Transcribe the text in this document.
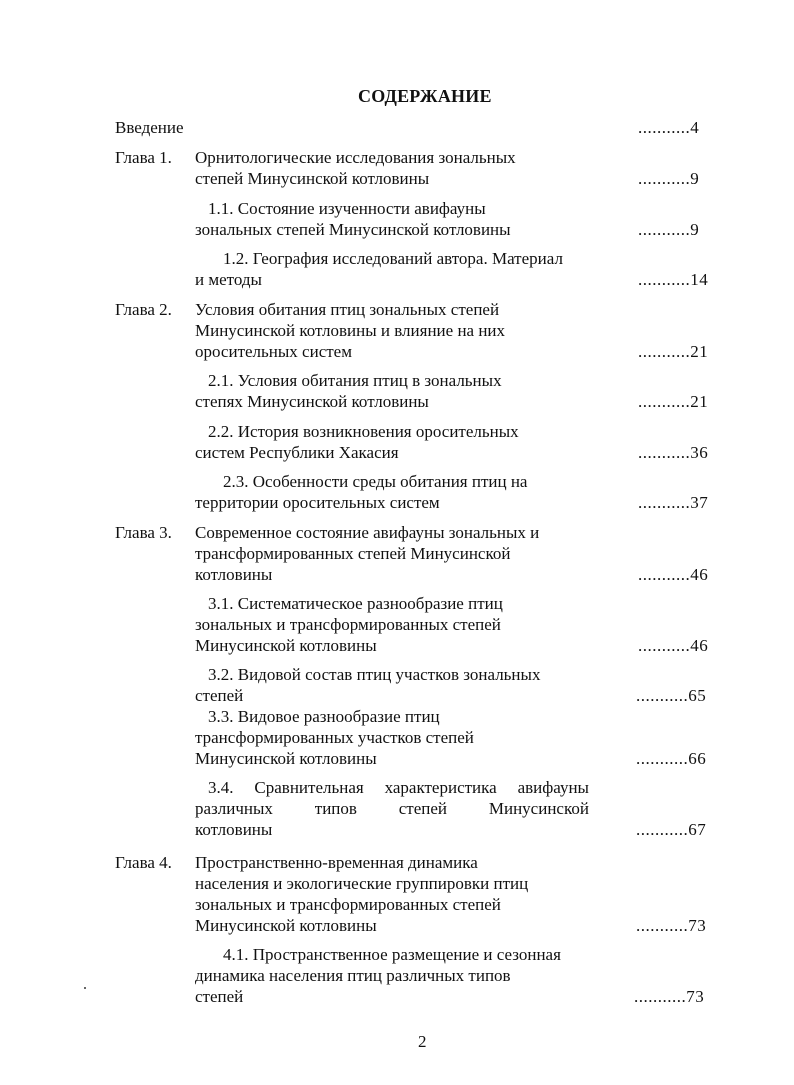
СОДЕРЖАНИЕ
Введение	...........4
Глава 1. Орнитологические исследования зональных
степей Минусинской котловины	...........9
1.1. Состояние изученности авифауны
зональных степей Минусинской котловины	...........9
1.2. География исследований автора. Материал
и методы	...........14
Глава 2. Условия обитания птиц зональных степей
Минусинской котловины и влияние на них
оросительных систем	...........21
2.1. Условия обитания птиц в зональных
степях Минусинской котловины	...........21
2.2. История возникновения оросительных
систем Республики Хакасия	...........36
2.3. Особенности среды обитания птиц на
территории оросительных систем	...........37
Глава 3. Современное состояние авифауны зональных и
трансформированных степей Минусинской
котловины	...........46
3.1. Систематическое разнообразие птиц
зональных и трансформированных степей
Минусинской котловины	...........46
3.2. Видовой состав птиц участков зональных
степей	...........65
3.3. Видовое разнообразие птиц
трансформированных участков степей
Минусинской котловины	...........66
3.4. Сравнительная характеристика авифауны
различных типов степей Минусинской
котловины	...........67
Глава 4. Пространственно-временная динамика
населения и экологические группировки птиц
зональных и трансформированных степей
Минусинской котловины	...........73
4.1. Пространственное размещение и сезонная
динамика населения птиц различных типов
степей	...........73
2
